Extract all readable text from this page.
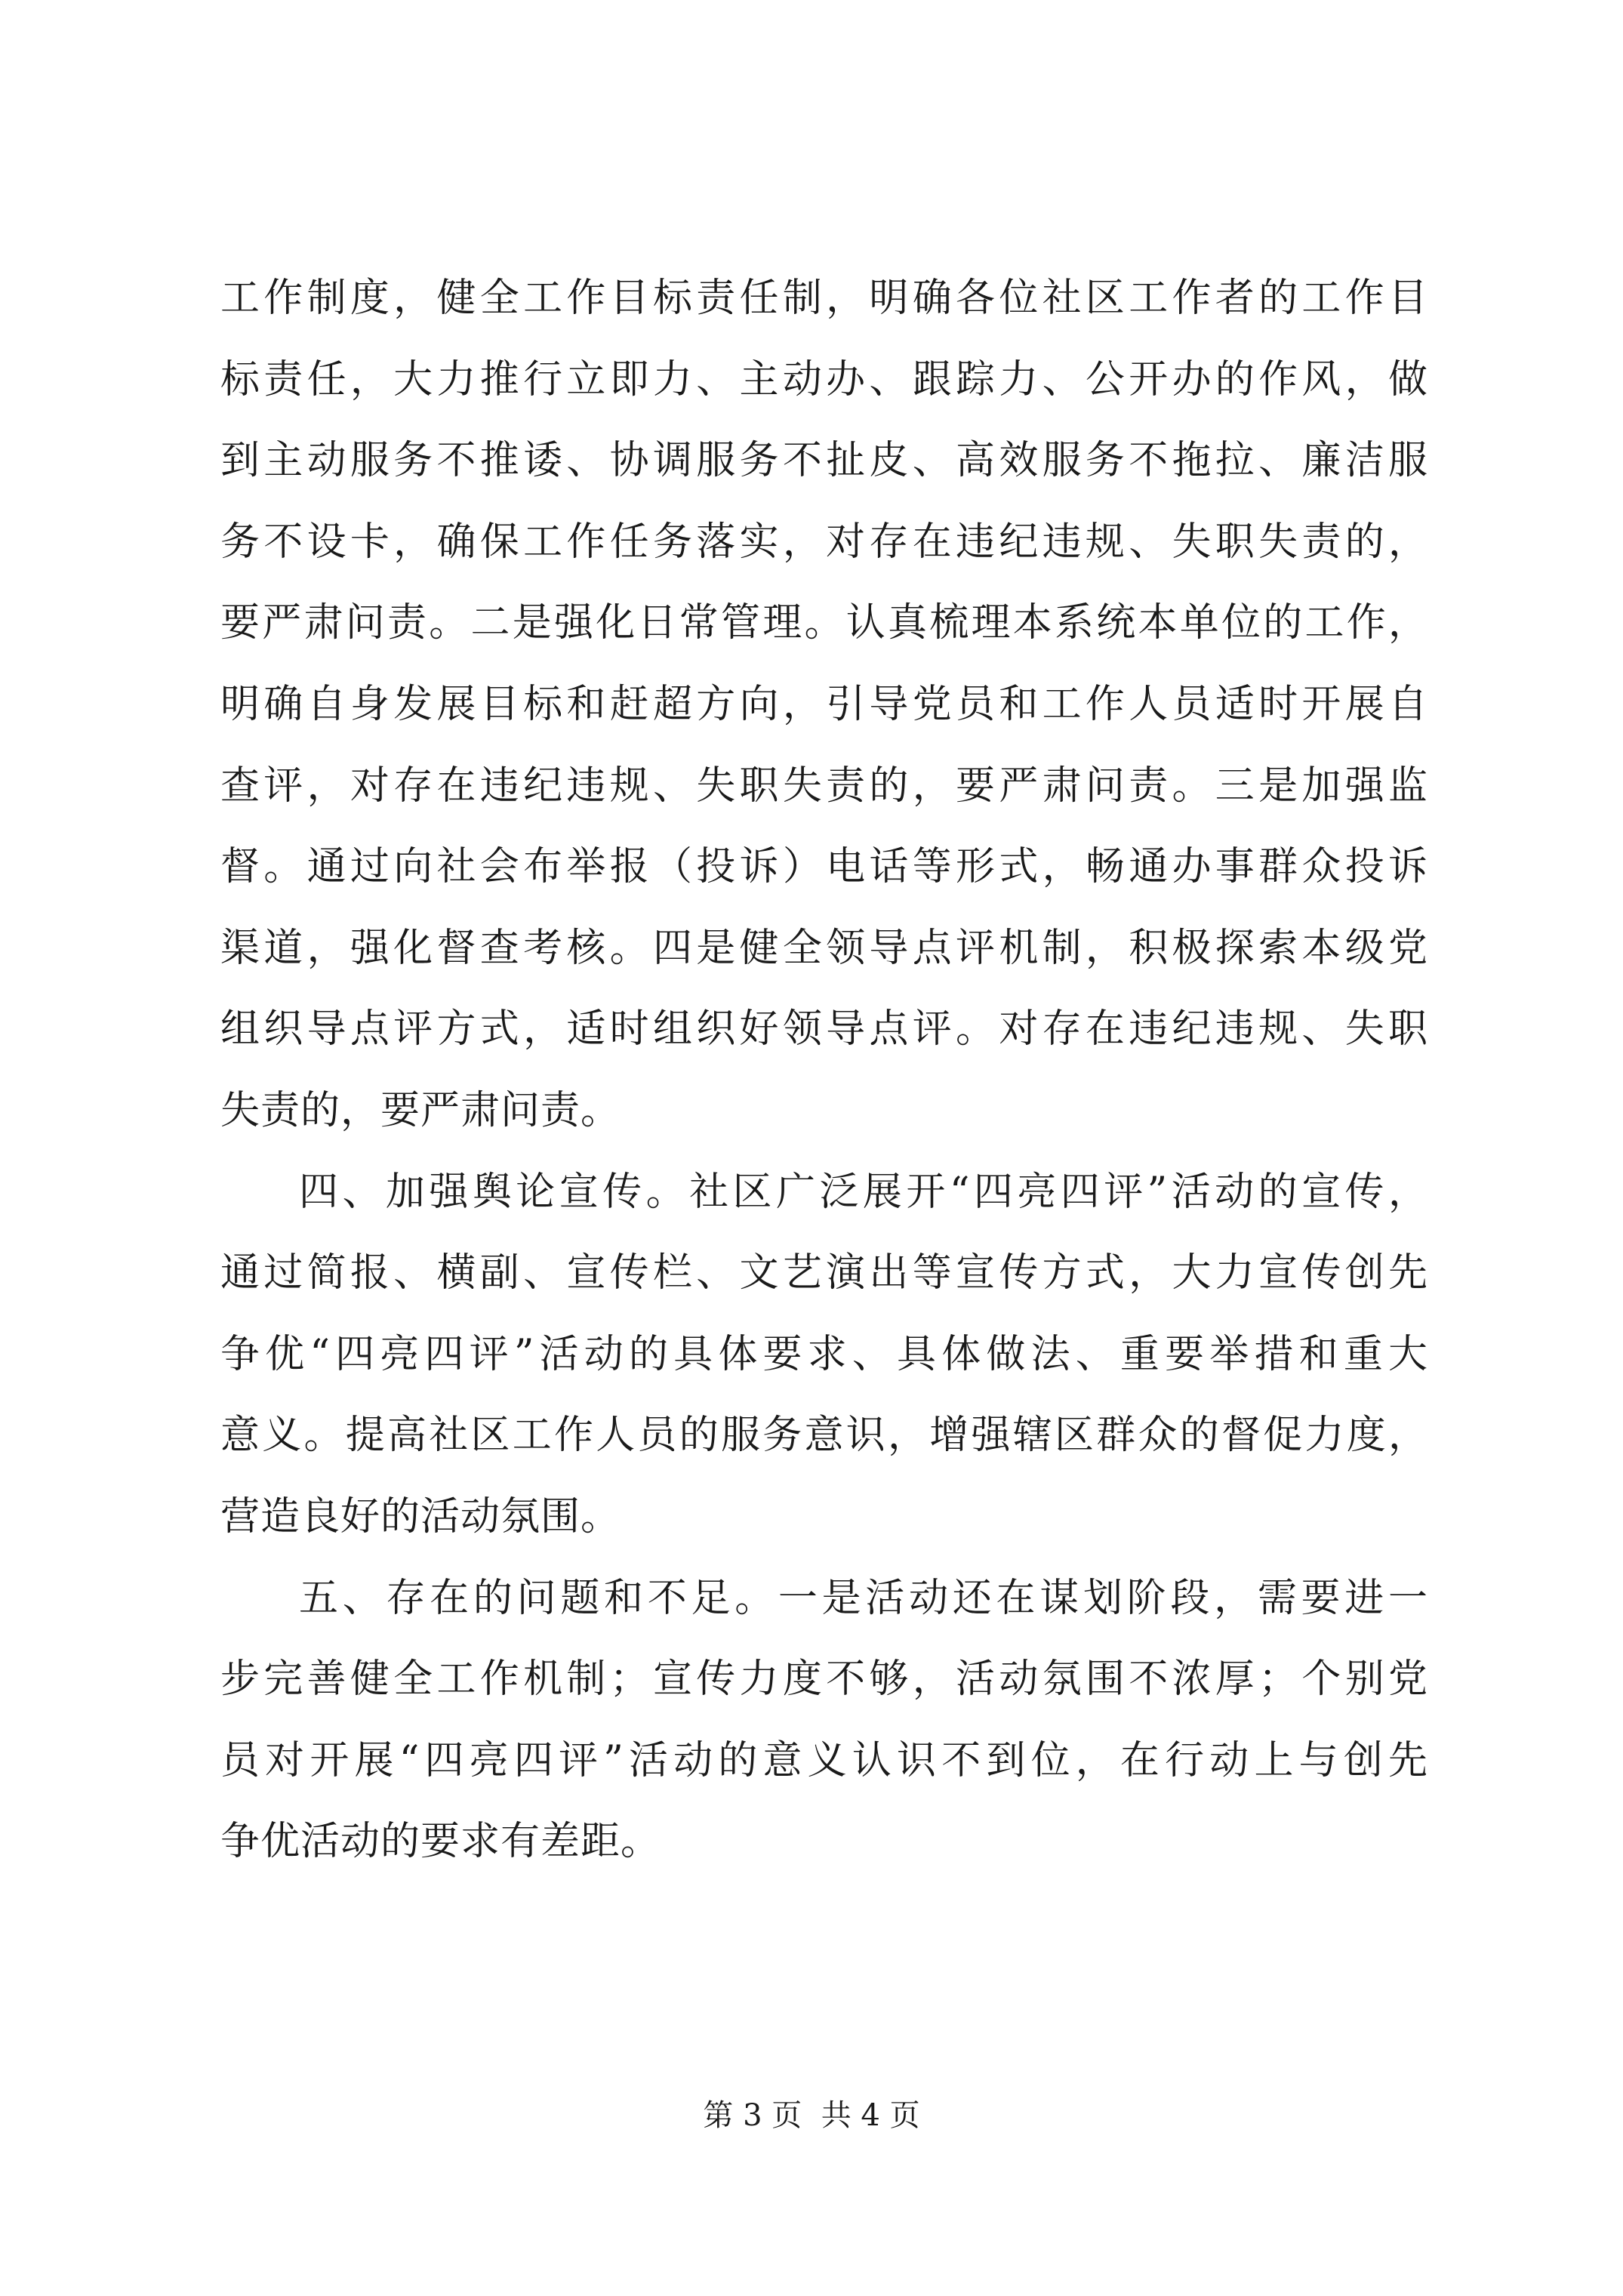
工作制度，健全工作目标责任制，明确各位社区工作者的工作目
标责任，大力推行立即力、主动办、跟踪力、公开办的作风，做
到主动服务不推诿、协调服务不扯皮、高效服务不拖拉、廉洁服
务不设卡，确保工作任务落实，对存在违纪违规、失职失责的，
要严肃问责。二是强化日常管理。认真梳理本系统本单位的工作，
明确自身发展目标和赶超方向，引导党员和工作人员适时开展自
查评，对存在违纪违规、失职失责的，要严肃问责。三是加强监
督。通过向社会布举报（投诉）电话等形式，畅通办事群众投诉
渠道，强化督查考核。四是健全领导点评机制，积极探索本级党
组织导点评方式，适时组织好领导点评。对存在违纪违规、失职
失责的，要严肃问责。
四、加强舆论宣传。社区广泛展开“四亮四评”活动的宣传，
通过简报、横副、宣传栏、文艺演出等宣传方式，大力宣传创先
争优“四亮四评”活动的具体要求、具体做法、重要举措和重大
意义。提高社区工作人员的服务意识，增强辖区群众的督促力度，
营造良好的活动氛围。
五、存在的问题和不足。一是活动还在谋划阶段，需要进一
步完善健全工作机制；宣传力度不够，活动氛围不浓厚；个别党
员对开展“四亮四评”活动的意义认识不到位，在行动上与创先
争优活动的要求有差距。
第 3 页  共 4 页
